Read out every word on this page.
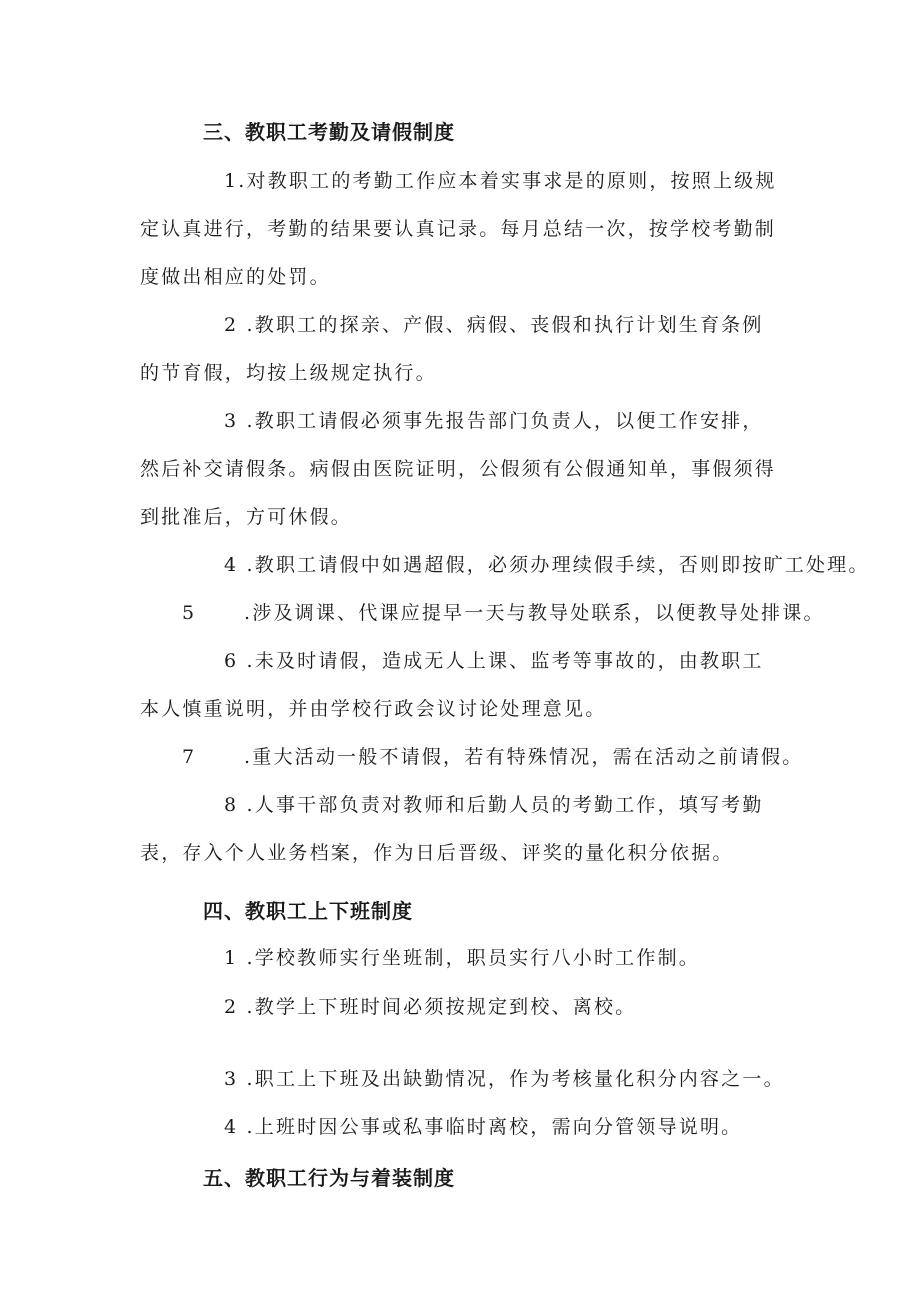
三、教职工考勤及请假制度
1.对教职工的考勤工作应本着实事求是的原则，按照上级规定认真进行，考勤的结果要认真记录。每月总结一次，按学校考勤制度做出相应的处罚。
2 .教职工的探亲、产假、病假、丧假和执行计划生育条例的节育假，均按上级规定执行。
3 .教职工请假必须事先报告部门负责人，以便工作安排，然后补交请假条。病假由医院证明，公假须有公假通知单，事假须得到批准后，方可休假。
4 .教职工请假中如遇超假，必须办理续假手续，否则即按旷工处理。
5	.涉及调课、代课应提早一天与教导处联系，以便教导处排课。
6 .未及时请假，造成无人上课、监考等事故的，由教职工本人慎重说明，并由学校行政会议讨论处理意见。
7	.重大活动一般不请假，若有特殊情况，需在活动之前请假。
8 .人事干部负责对教师和后勤人员的考勤工作，填写考勤表，存入个人业务档案，作为日后晋级、评奖的量化积分依据。
四、教职工上下班制度
1 .学校教师实行坐班制，职员实行八小时工作制。
2 .教学上下班时间必须按规定到校、离校。
3 .职工上下班及出缺勤情况，作为考核量化积分内容之一。
4 .上班时因公事或私事临时离校，需向分管领导说明。
五、教职工行为与着装制度
